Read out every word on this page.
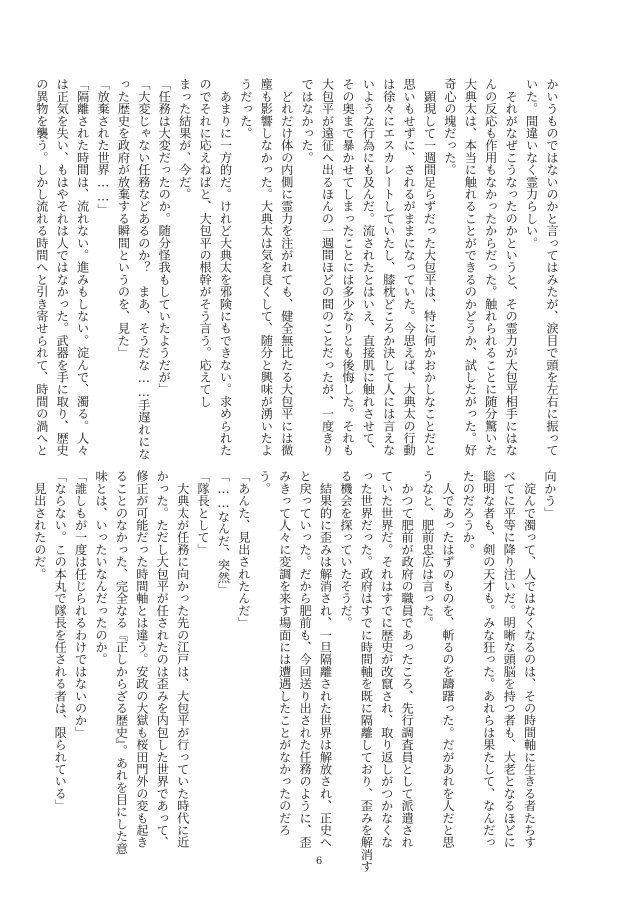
かいうものではないのかと言ってはみたが、涙目で頭を左右に振って
いた。間違いなく霊力らしい。
　それがなぜこうなったのかというと、その霊力が大包平相手にはな
んの反応も作用もなかったからだった。触れられることに随分驚いた
大典太は、本当に触れることができるのかどうか、試したがった。好
奇心の塊だった。
　顕現して一週間足らずだった大包平は、特に何かおかしなことだと
思いもせずに、されるがままになっていた。今思えば、大典太の行動
は徐々にエスカレートしていたし、膝枕どころか決して人には言えな
いような行為にも及んだ。流されたとはいえ、直接肌に触れさせて、
その奥まで暴かせてしまったことには多少なりとも後悔した。それも
大包平が遠征へ出るほんの一週間ほどの間のことだったが、一度きり
ではなかった。
　どれだけ体の内側に霊力を注がれても、健全無比たる大包平には微
塵も影響しなかった。大典太は気を良くして、随分と興味が湧いたよ
うだった。
　あまりに一方的だ。けれど大典太を邪険にもできない。求められた
のでそれに応えねばと、大包平の根幹がそう言う。応えてし
まった結果が、今だ。
「任務は大変だったのか。随分怪我もしていたようだが」
「大変じゃない任務などあるのか？　まあ、そうだな……手遅れにな
った歴史を政府が放棄する瞬間というのを、見た」
「放棄された世界……」
「隔離された時間は、流れない。進みもしない。淀んで、濁る。人々
は正気を失い、もはやそれは人ではなかった。武器を手に取り、歴史
の異物を襲う。しかし流れる時間へと引き寄せられて、時間の渦へと
向かう」
　淀んで濁って、人ではなくなるのは、その時間軸に生きる者たちす
べてに平等に降り注いだ。明晰な頭脳を持つ者も、大老となるほどに
聡明な者も、剣の天才も。みな狂った。あれらは果たして、なんだっ
たのだろうか。
　人であったはずのものを、斬るのを躊躇った。だがあれを人だと思
うなと、肥前忠広は言った。
　かつて肥前が政府の職員であったころ、先行調査員として派遣され
ていた世界だ。それはすでに歴史が改竄され、取り返しがつかなくな
った世界だった。政府はすでに時間軸を既に隔離しており、歪みを解消す
る機会を探っていたそうだ。
　結果的に歪みは解消され、一旦隔離された世界は解放され、正史へ
と戻っていった。だから肥前も、今回送り出された任務のように、歪
みきって人々に変調を来す場面には遭遇したことがなかったのだろ
う。
「あんた、見出されたんだ」
「……なんだ、突然」
「隊長として」
　大典太が任務に向かった先の江戸は、大包平が行っていた時代に近
かった。ただし大包平が任されたのは歪みを内包した世界であって、
修正が可能だった時間軸とは違う。安政の大獄も桜田門外の変も起き
ることのなかった、完全なる『正しからざる歴史』。あれを目にした意
味とは、いったいなんだったのか。
「誰しもが一度は任じられるわけではないのか」
「ならない。この本丸で隊長を任される者は、限られている」
　見出されたのだ。
6
